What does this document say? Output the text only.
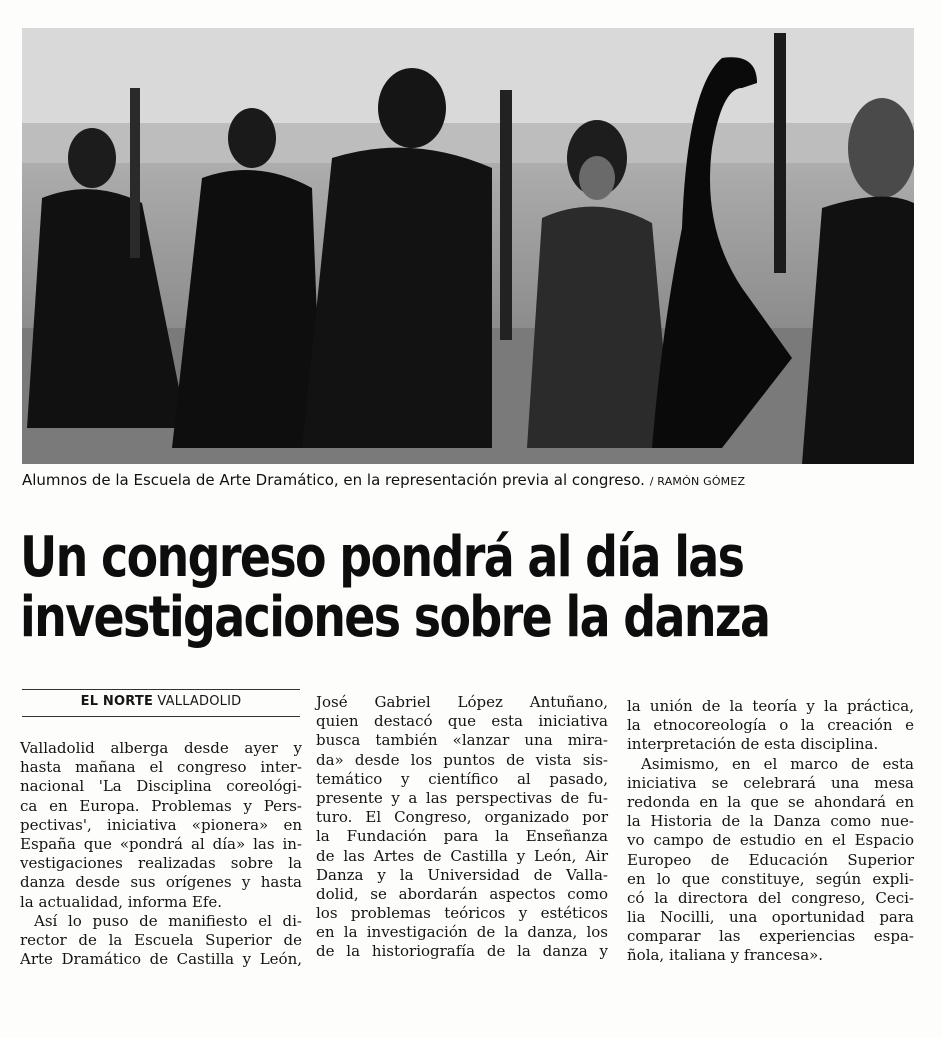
Alumnos de la Escuela de Arte Dramático, en la representación previa al congreso. / RAMÓN GÓMEZ
Un congreso pondrá al día las
investigaciones sobre la danza
EL NORTE VALLADOLID
Valladolid alberga desde ayer y
hasta mañana el congreso inter-
nacional 'La Disciplina coreológi-
ca en Europa. Problemas y Pers-
pectivas', iniciativa «pionera» en
España que «pondrá al día» las in-
vestigaciones realizadas sobre la
danza desde sus orígenes y hasta
la actualidad, informa Efe.
Así lo puso de manifiesto el di-
rector de la Escuela Superior de
Arte Dramático de Castilla y León,
José Gabriel López Antuñano,
quien destacó que esta iniciativa
busca también «lanzar una mira-
da» desde los puntos de vista sis-
temático y científico al pasado,
presente y a las perspectivas de fu-
turo. El Congreso, organizado por
la Fundación para la Enseñanza
de las Artes de Castilla y León, Air
Danza y la Universidad de Valla-
dolid, se abordarán aspectos como
los problemas teóricos y estéticos
en la investigación de la danza, los
de la historiografía de la danza y
la unión de la teoría y la práctica,
la etnocoreología o la creación e
interpretación de esta disciplina.
Asimismo, en el marco de esta
iniciativa se celebrará una mesa
redonda en la que se ahondará en
la Historia de la Danza como nue-
vo campo de estudio en el Espacio
Europeo de Educación Superior
en lo que constituye, según expli-
có la directora del congreso, Ceci-
lia Nocilli, una oportunidad para
comparar las experiencias espa-
ñola, italiana y francesa».
